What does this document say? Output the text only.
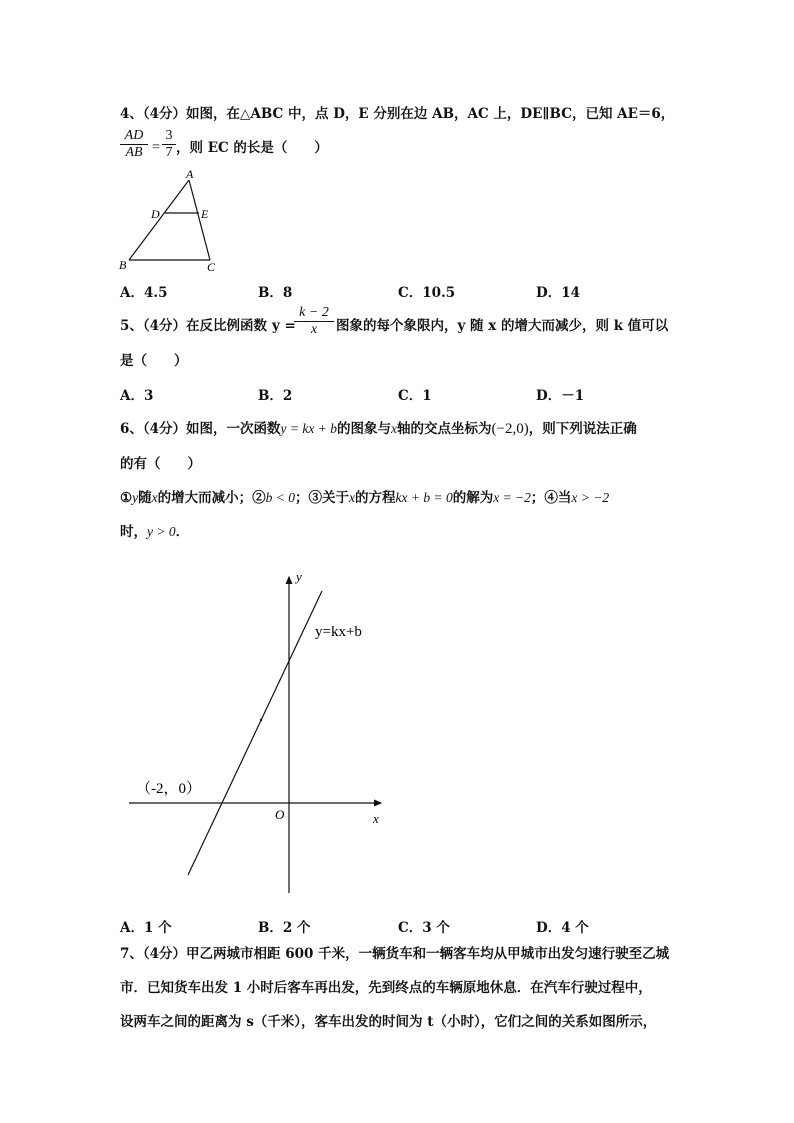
4、（4分）如图，在△ABC 中，点 D，E 分别在边 AB，AC 上，DE∥BC，已知 AE＝6，
$\frac{AD}{AB} = \frac{3}{7}$ ，则 EC 的长是（　　）
A
D	E
B	C
A．4.5	B．8	C．10.5	D．14
5、（4分）在反比例函数 y =
$\frac{k - 2}{x}$ 图象的每个象限内，y 随 x 的增大而减少，则 k 值可以
是（　　）
A．3	B．2	C．1	D．－1
6、（4分）如图，一次函数y = kx + b的图象与x轴的交点坐标为(−2,0)，则下列说法正确
的有（　　）
①y随x的增大而减小；②b < 0；③关于x的方程kx + b = 0的解为x = −2；④当x > −2
时，y > 0．
y
x
O
y=kx+b
（-2，0）
A．1 个	B．2 个	C．3 个	D．4 个
7、（4分）甲乙两城市相距 600 千米，一辆货车和一辆客车均从甲城市出发匀速行驶至乙城
市．已知货车出发 1 小时后客车再出发，先到终点的车辆原地休息．在汽车行驶过程中，
设两车之间的距离为 s（千米），客车出发的时间为 t（小时），它们之间的关系如图所示，
